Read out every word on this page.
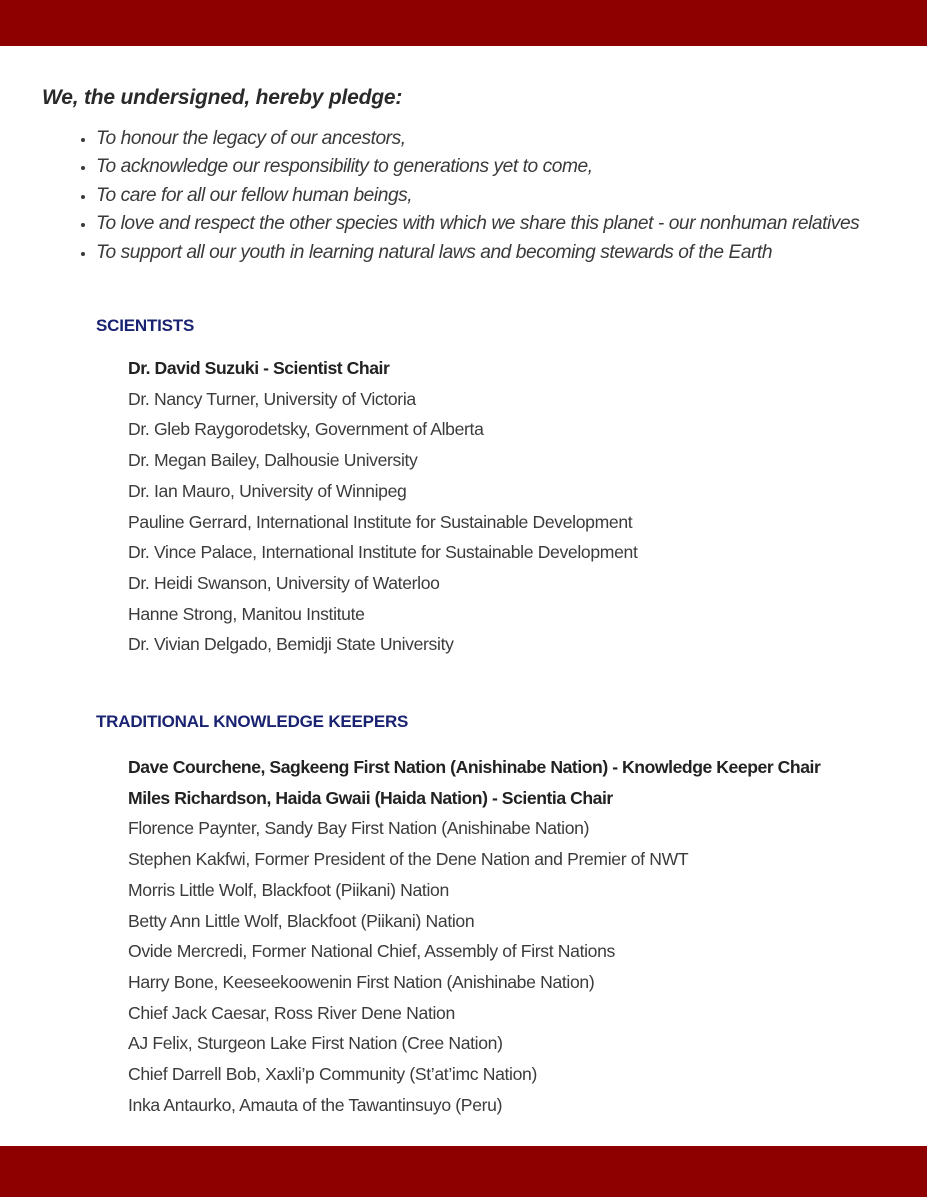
We, the undersigned, hereby pledge:
• To honour the legacy of our ancestors,
• To acknowledge our responsibility to generations yet to come,
• To care for all our fellow human beings,
• To love and respect the other species with which we share this planet - our nonhuman relatives
• To support all our youth in learning natural laws and becoming stewards of the Earth
SCIENTISTS
Dr. David Suzuki - Scientist Chair
Dr. Nancy Turner, University of Victoria
Dr. Gleb Raygorodetsky, Government of Alberta
Dr. Megan Bailey, Dalhousie University
Dr. Ian Mauro, University of Winnipeg
Pauline Gerrard, International Institute for Sustainable Development
Dr. Vince Palace, International Institute for Sustainable Development
Dr. Heidi Swanson, University of Waterloo
Hanne Strong, Manitou Institute
Dr. Vivian Delgado, Bemidji State University
TRADITIONAL KNOWLEDGE KEEPERS
Dave Courchene, Sagkeeng First Nation (Anishinabe Nation) - Knowledge Keeper Chair
Miles Richardson, Haida Gwaii (Haida Nation) - Scientia Chair
Florence Paynter, Sandy Bay First Nation (Anishinabe Nation)
Stephen Kakfwi, Former President of the Dene Nation and Premier of NWT
Morris Little Wolf, Blackfoot (Piikani) Nation
Betty Ann Little Wolf, Blackfoot (Piikani) Nation
Ovide Mercredi, Former National Chief, Assembly of First Nations
Harry Bone, Keeseekoowenin First Nation (Anishinabe Nation)
Chief Jack Caesar, Ross River Dene Nation
AJ Felix, Sturgeon Lake First Nation (Cree Nation)
Chief Darrell Bob, Xaxli’p Community (St’at’imc Nation)
Inka Antaurko, Amauta of the Tawantinsuyo (Peru)
